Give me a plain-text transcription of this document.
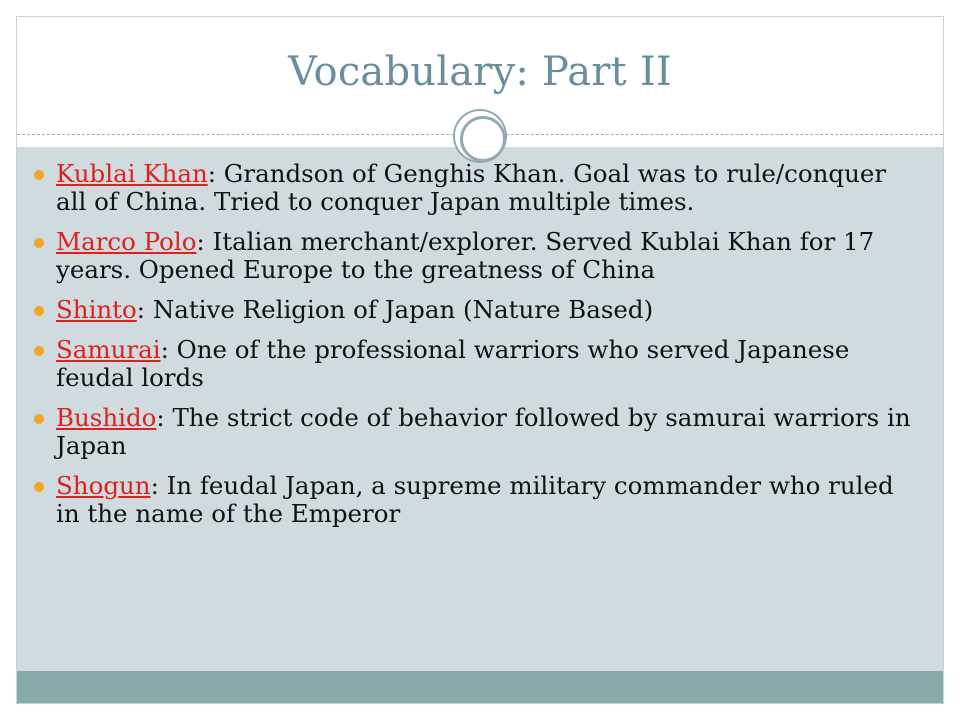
Vocabulary: Part II
Kublai Khan: Grandson of Genghis Khan. Goal was to rule/conquer all of China. Tried to conquer Japan multiple times.
Marco Polo: Italian merchant/explorer. Served Kublai Khan for 17 years. Opened Europe to the greatness of China
Shinto: Native Religion of Japan (Nature Based)
Samurai: One of the professional warriors who served Japanese feudal lords
Bushido: The strict code of behavior followed by samurai warriors in Japan
Shogun: In feudal Japan, a supreme military commander who ruled in the name of the Emperor
